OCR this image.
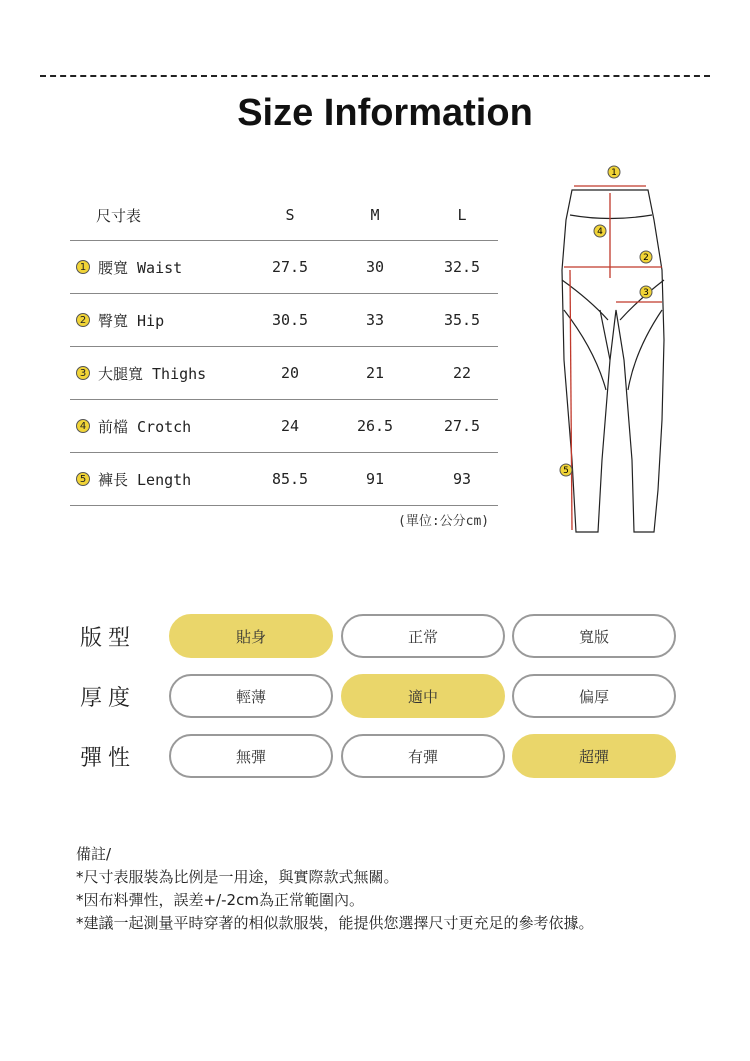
Size Information
尺寸表	S	M	L
1 腰寬 Waist	27.5	30	32.5
2 臀寬 Hip	30.5	33	35.5
3 大腿寬 Thighs	20	21	22
4 前檔 Crotch	24	26.5	27.5
5 褲長 Length	85.5	91	93
(單位:公分cm)
1
2
3
4
5
版型	貼身	正常	寬版
厚度	輕薄	適中	偏厚
彈性	無彈	有彈	超彈
備註/
*尺寸表服裝為比例是一用途，與實際款式無關。
*因布料彈性，誤差+/-2cm為正常範圍內。
*建議一起測量平時穿著的相似款服裝，能提供您選擇尺寸更充足的參考依據。
